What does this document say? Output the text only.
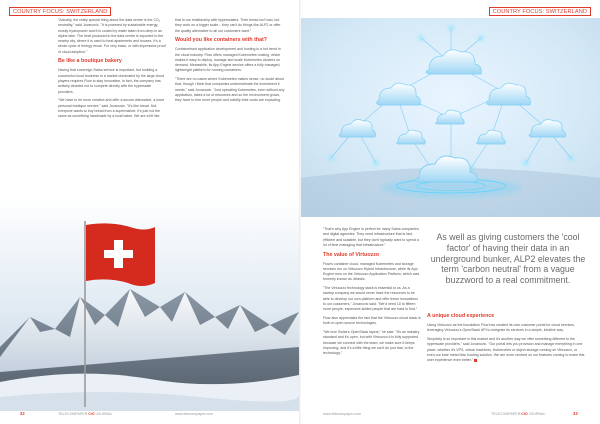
COUNTRY FOCUS: SWITZERLAND	COUNTRY FOCUS: SWITZERLAND

"Actually, the really special thing about the data centre is the CO₂ neutrality," said Jovanovic. "It is powered by sustainable energy, mostly hydropower and it is cooled by water taken from deep in an alpine lake. The heat produced in the data centre is exported to the nearby city, where it is used to heat apartments and houses. It's a whole cycle of energy reuse. For very basic, or with impressive proof of cloud adoption."

Be like a boutique bakery

Having that sovereign Swiss service is important, but building a successful cloud business in a market dominated by the large cloud players requires Flow to stay innovative. In fact, the company has actively decided not to compete directly with the hyperscale providers.

"We have to be more creative and offer a secure alternative, a more personal boutique service," said Jovanovic. "It's like bread. Not everyone wants to buy bread from a supermarket. It's just not the same as something handmade by a local baker. We are a bit like

that in our relationship with hyperscalers. Their bread isn't bad, but they work on a bigger scale – they can't do things like ALP2 or offer the quality alternative to all our customers want."

Would you like containers with that?

Containerised application development and hosting is a hot trend in the cloud industry. Flow offers managed Kubernetes hosting, which makes it easy to deploy, manage and scale Kubernetes clusters on demand. Meanwhile, its App Engine service offers a fully managed, lightweight platform for running containers.

"There are no cases where Kubernetes makes sense, no doubt about that, though I think that companies underestimate the investment it needs," said Jovanovic. "Just operating Kubernetes, even without any application, takes a lot of resources and so the environment grows, they have to hire more people and solidify their costs are exploding.

"That's why App Engine is perfect for many Swiss companies and digital agencies. They need infrastructure that is fast, efficient and scalable, but they don't typically want to spend a lot of time managing that infrastructure."

The value of Virtuozzo

Flow's container cloud, managed Kubernetes and storage services run on Virtuozzo Hybrid Infrastructure, while its App Engine runs on the Virtuozzo Application Platform, which was formerly known as Jelastic.

"The Virtuozzo technology stack is essential to us. As a startup company we would never have the resources to be able to develop our own platform and offer these innovations to our customers," Jovanovic said. "We'd need 10 to fifteen more people, expensive skilled people that are hard to find."

Flow also appreciates the fact that the Virtuozzo cloud stack is built on open-source technologies.

"We love Swiss's OpenStack layers," he said. "It's an industry standard and it's open, but with Virtuozzo it is fully supported because we connect with the team, we make sure it keeps improving, and it's a little thing we can't do just that, to the technology."

As well as giving customers the 'cool factor' of having their data in an underground bunker, ALP2 elevates the term 'carbon neutral' from a vague buzzword to a real commitment.
A unique cloud experience

Using Virtuozzo as the foundation Flow has created its own customer portal for cloud services, leveraging Virtuozzo's OpenStack API to integrate its services in a simple, intuitive way.

Simplicity is so important in this market and it's another way we offer something different to the hyperscale providers," said Jovanovic. "Our portal lets you provision and manage everything in one place, whether it's VPS, virtual machines, Kubernetes or object storage running on Virtuozzo, or even our bare metal Mac hosting solution. We are more centred on our features coming to make this user experience even better."

32	TELECOMPAPER CIO JOURNAL	www.telecompaper.com	www.telecompaper.com	TELECOMPAPER CIO JOURNAL	33
